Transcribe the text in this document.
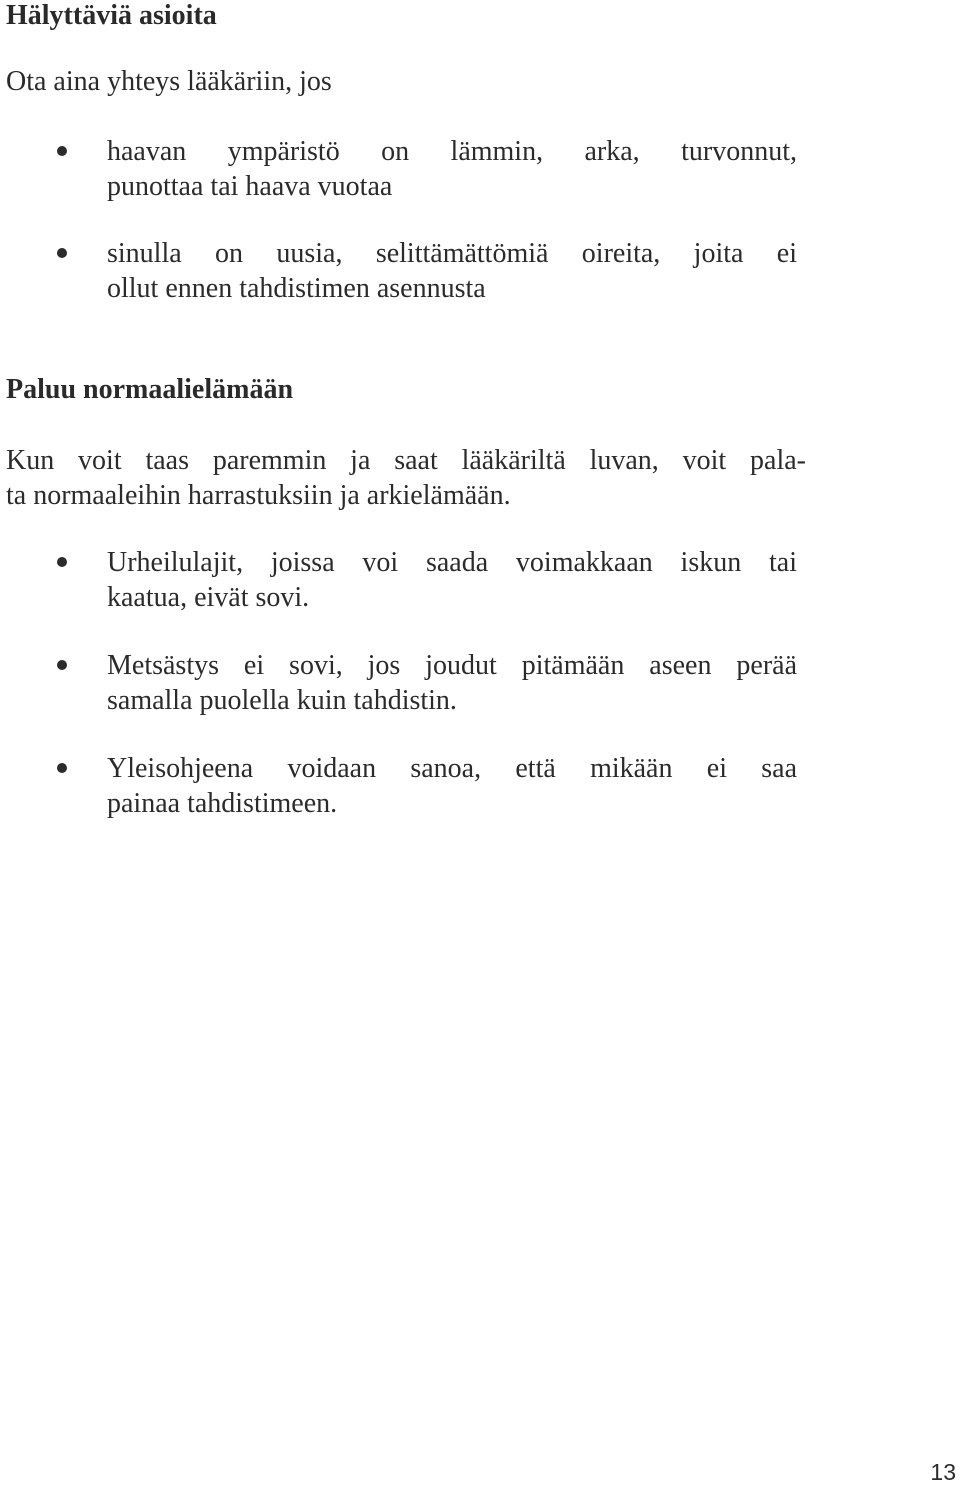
Hälyttäviä asioita

Ota aina yhteys lääkäriin, jos

haavan ympäristö on lämmin, arka, turvonnut,
punottaa tai haava vuotaa

sinulla on uusia, selittämättömiä oireita, joita ei
ollut ennen tahdistimen asennusta

Paluu normaalielämään

Kun voit taas paremmin ja saat lääkäriltä luvan, voit pala-
ta normaaleihin harrastuksiin ja arkielämään.

Urheilulajit, joissa voi saada voimakkaan iskun tai
kaatua, eivät sovi.

Metsästys ei sovi, jos joudut pitämään aseen perää
samalla puolella kuin tahdistin.

Yleisohjeena voidaan sanoa, että mikään ei saa
painaa tahdistimeen.

13
